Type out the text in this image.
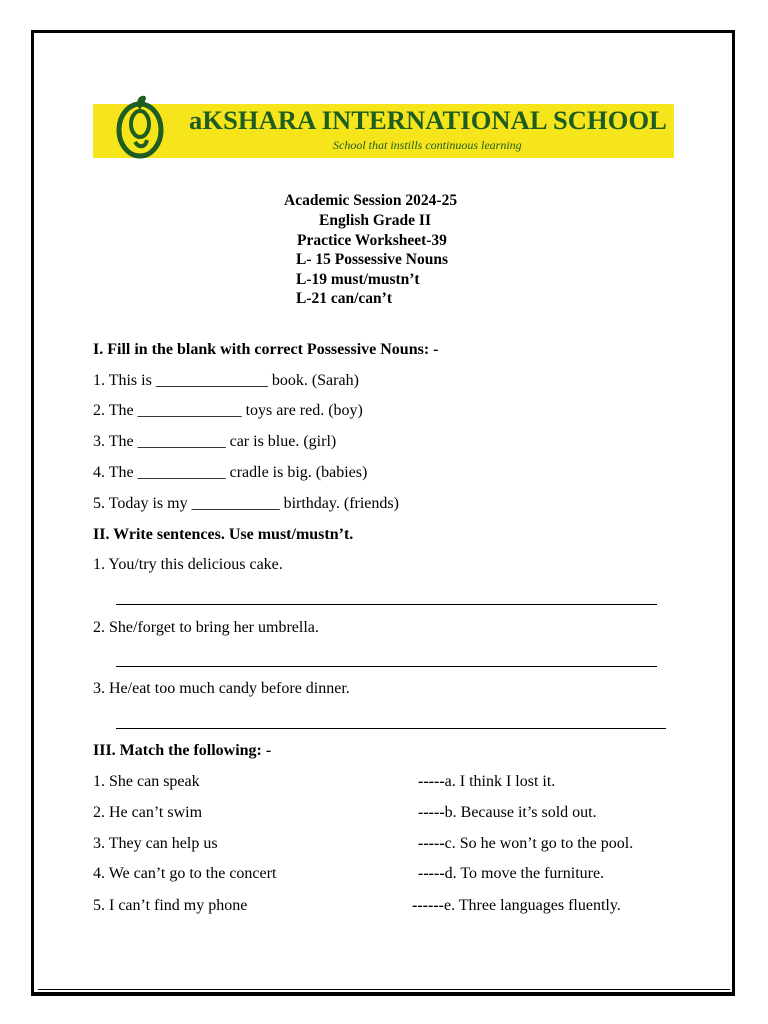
aKSHARA INTERNATIONAL SCHOOL
School that instills continuous learning
Academic Session 2024-25
English Grade II
Practice Worksheet-39
L- 15 Possessive Nouns
L-19 must/mustn’t
L-21 can/can’t
I. Fill in the blank with correct Possessive Nouns: -
1. This is ______________ book. (Sarah)
2. The _____________ toys are red. (boy)
3. The ___________ car is blue. (girl)
4. The ___________ cradle is big. (babies)
5. Today is my ___________ birthday. (friends)
II. Write sentences. Use must/mustn’t.
1. You/try this delicious cake.
2. She/forget to bring her umbrella.
3. He/eat too much candy before dinner.
III. Match the following: -
1. She can speak
2. He can’t swim
3. They can help us
4. We can’t go to the concert
5. I can’t find my phone
-----a. I think I lost it.
-----b. Because it’s sold out.
-----c. So he won’t go to the pool.
-----d. To move the furniture.
------e. Three languages fluently.
